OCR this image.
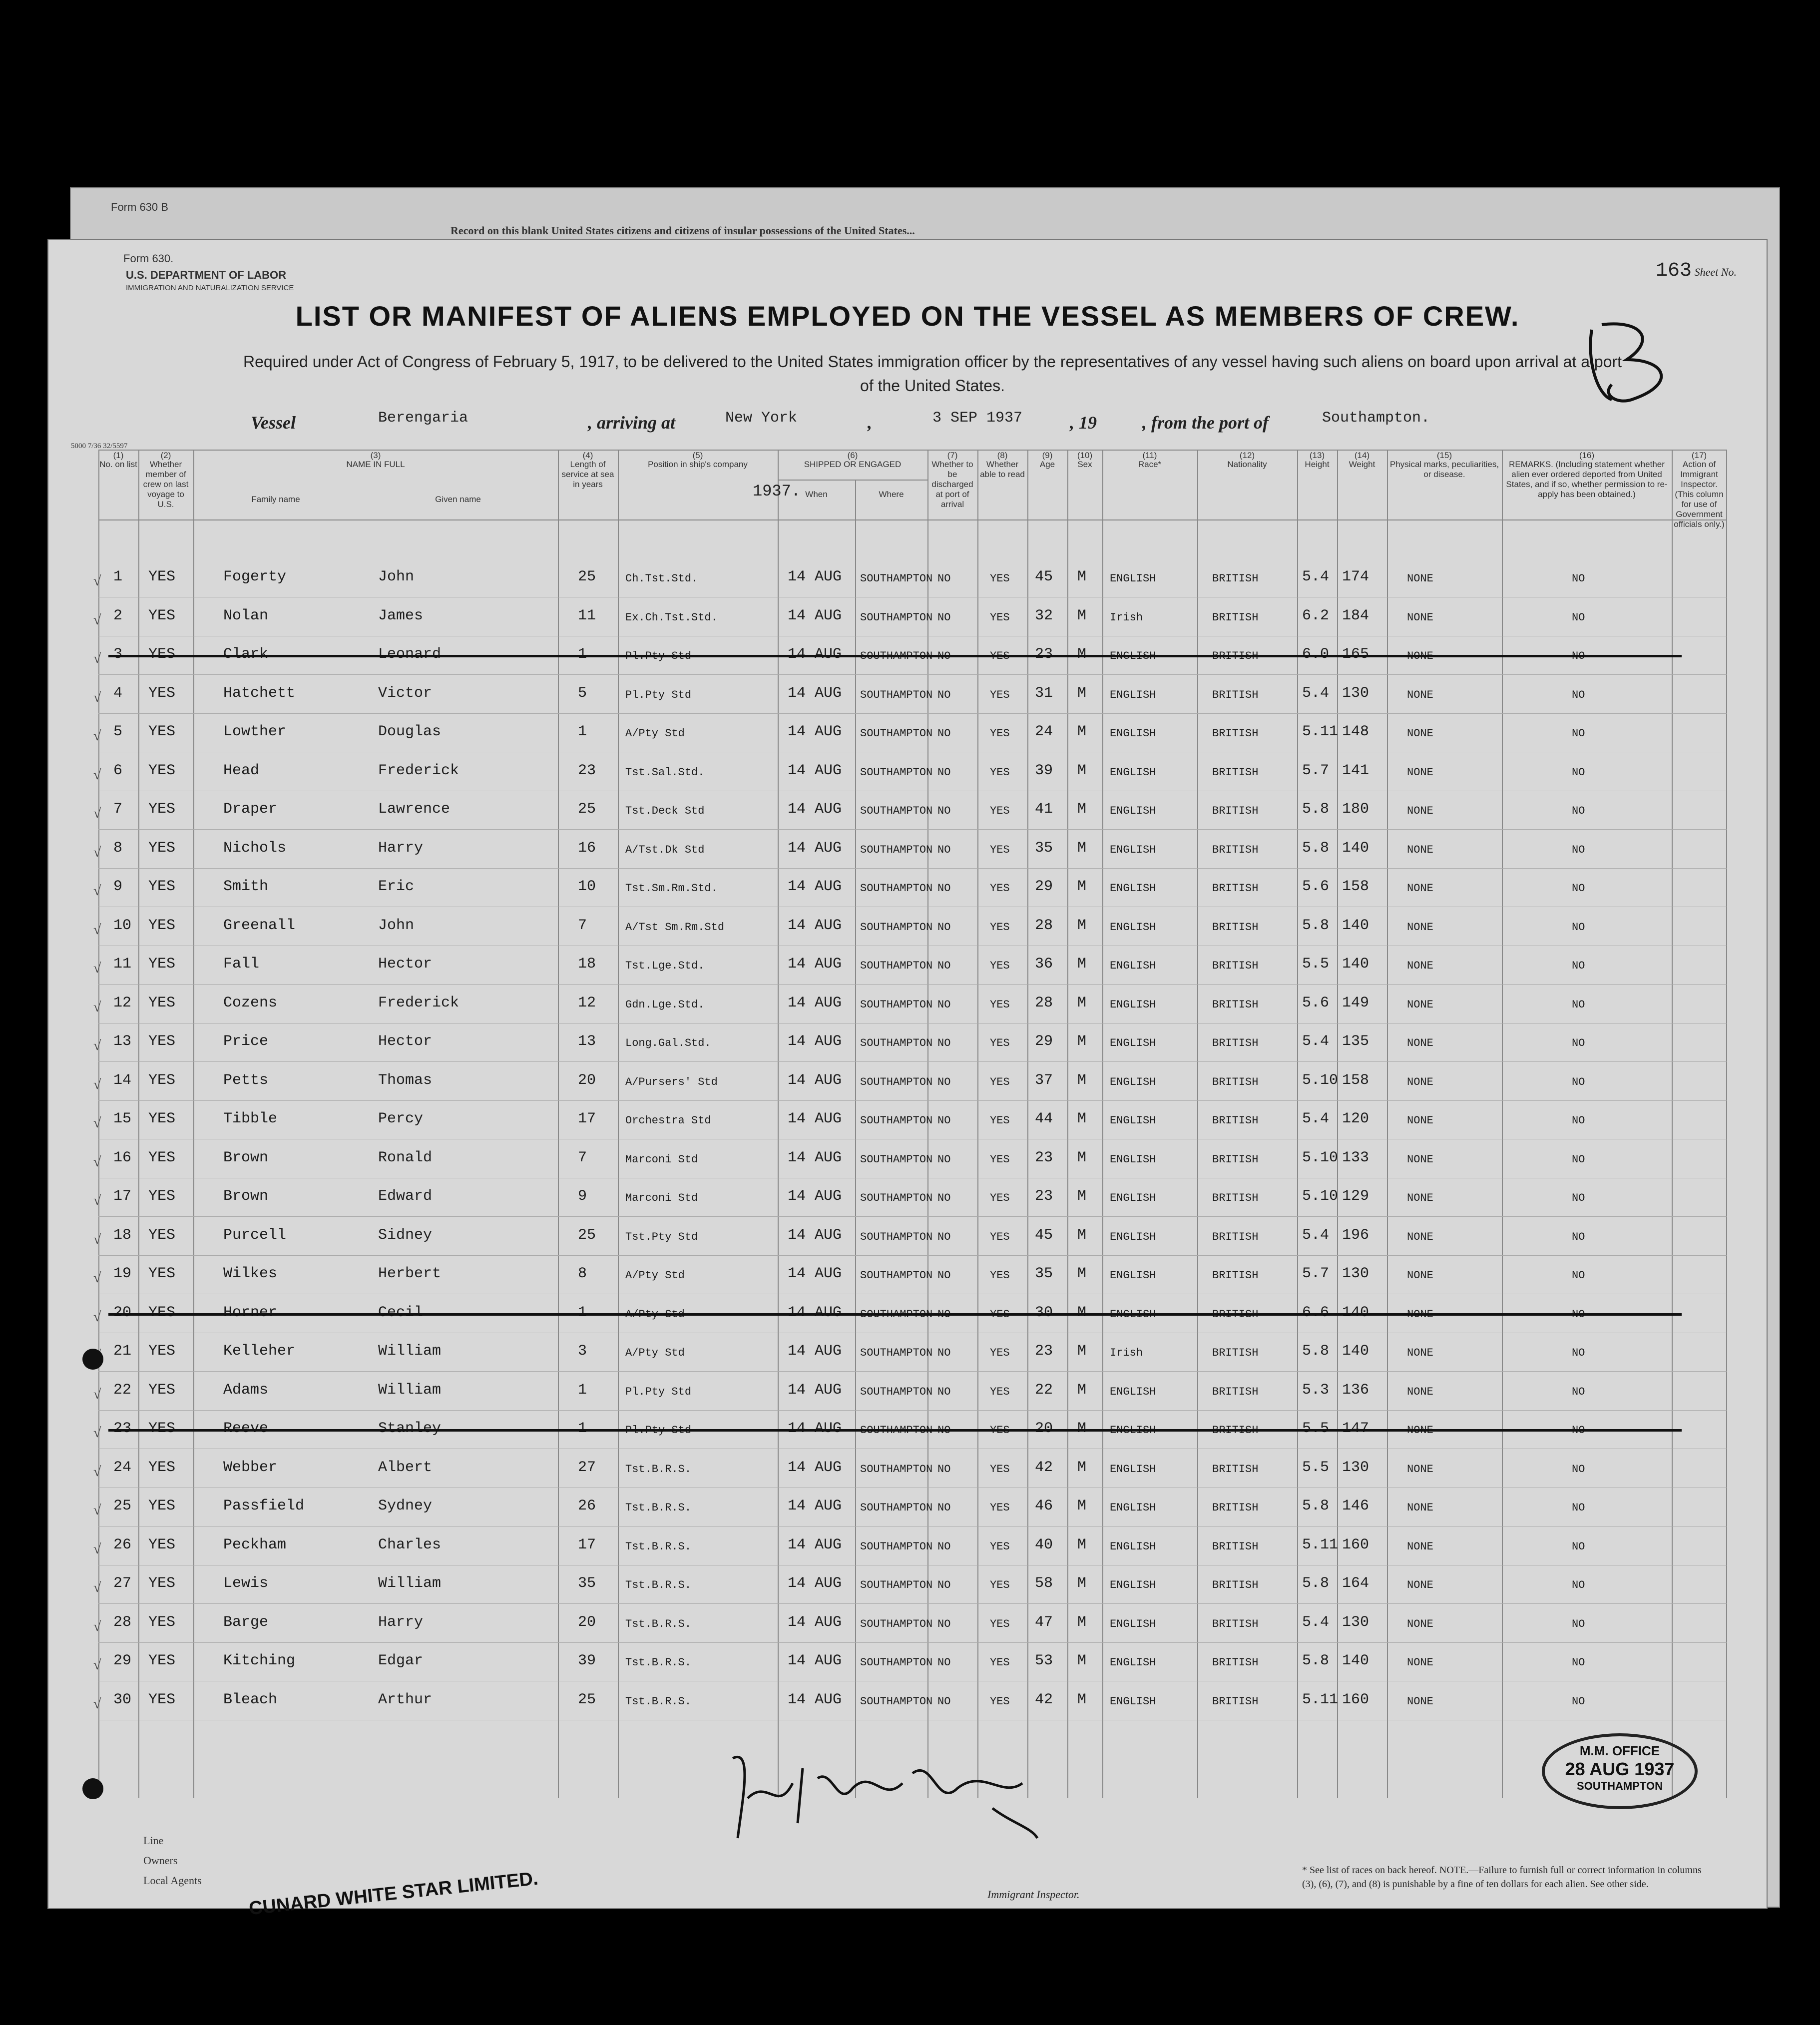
Form 630 B
Record on this blank United States citizens and citizens of insular possessions of the United States...
Form 630.
U.S. DEPARTMENT OF LABOR
IMMIGRATION AND NATURALIZATION SERVICE
163 Sheet No.
LIST OR MANIFEST OF ALIENS EMPLOYED ON THE VESSEL AS MEMBERS OF CREW.
Required under Act of Congress of February 5, 1917, to be delivered to the United States immigration officer by the representatives of any vessel having such aliens on board upon arrival at a port of the United States.
Vessel	Berengaria	, arriving at	New York	,	3 SEP 1937	, 19	, from the port of	Southampton.
5000 7/36 32/5597
No. on list
(1)
Whether member of crew on last voyage to U.S.
(2)
NAME IN FULL
(3)
Family name	Given name
Length of service at sea in years
(4)
Position in ship's company
(5)
SHIPPED OR ENGAGED
(6)
When	Where
Whether to be discharged at port of arrival
(7)
Whether able to read
(8)
Age
(9)
Sex
(10)
Race*
(11)
Nationality
(12)
Height
(13)
Weight
(14)
Physical marks, peculiarities, or disease.
(15)
REMARKS. (Including statement whether alien ever ordered deported from United States, and if so, whether permission to re-apply has been obtained.)
(16)
Action of Immigrant Inspector. (This column for use of Government officials only.)
(17)
√ 1 YES	Fogerty	John	25	Ch.Tst.Std.	14 AUG SOUTHAMPTON NO	YES 45 M ENGLISH	BRITISH	5.4 174	NONE	NO
√ 2 YES	Nolan	James	11	Ex.Ch.Tst.Std.	14 AUG SOUTHAMPTON NO	YES 32 M Irish	BRITISH	6.2 184	NONE	NO
√ 3 YES	Clark	Leonard	1	Pl.Pty Std	14 AUG SOUTHAMPTON NO	YES 23 M ENGLISH	BRITISH	6.0 165	NONE	NO
√ 4 YES	Hatchett	Victor	5	Pl.Pty Std	14 AUG SOUTHAMPTON NO	YES 31 M ENGLISH	BRITISH	5.4 130	NONE	NO
√ 5 YES	Lowther	Douglas	1	A/Pty Std	14 AUG SOUTHAMPTON NO	YES 24 M ENGLISH	BRITISH	5.11 148	NONE	NO
√ 6 YES	Head	Frederick	23	Tst.Sal.Std.	14 AUG SOUTHAMPTON NO	YES 39 M ENGLISH	BRITISH	5.7 141	NONE	NO
√ 7 YES	Draper	Lawrence	25	Tst.Deck Std	14 AUG SOUTHAMPTON NO	YES 41 M ENGLISH	BRITISH	5.8 180	NONE	NO
√ 8 YES	Nichols	Harry	16	A/Tst.Dk Std	14 AUG SOUTHAMPTON NO	YES 35 M ENGLISH	BRITISH	5.8 140	NONE	NO
√ 9 YES	Smith	Eric	10	Tst.Sm.Rm.Std.	14 AUG SOUTHAMPTON NO	YES 29 M ENGLISH	BRITISH	5.6 158	NONE	NO
√ 10 YES	Greenall	John	7	A/Tst Sm.Rm.Std	14 AUG SOUTHAMPTON NO	YES 28 M ENGLISH	BRITISH	5.8 140	NONE	NO
√ 11 YES	Fall	Hector	18	Tst.Lge.Std.	14 AUG SOUTHAMPTON NO	YES 36 M ENGLISH	BRITISH	5.5 140	NONE	NO
√ 12 YES	Cozens	Frederick	12	Gdn.Lge.Std.	14 AUG SOUTHAMPTON NO	YES 28 M ENGLISH	BRITISH	5.6 149	NONE	NO
√ 13 YES	Price	Hector	13	Long.Gal.Std.	14 AUG SOUTHAMPTON NO	YES 29 M ENGLISH	BRITISH	5.4 135	NONE	NO
√ 14 YES	Petts	Thomas	20	A/Pursers' Std	14 AUG SOUTHAMPTON NO	YES 37 M ENGLISH	BRITISH	5.10 158	NONE	NO
√ 15 YES	Tibble	Percy	17	Orchestra Std	14 AUG SOUTHAMPTON NO	YES 44 M ENGLISH	BRITISH	5.4 120	NONE	NO
√ 16 YES	Brown	Ronald	7	Marconi Std	14 AUG SOUTHAMPTON NO	YES 23 M ENGLISH	BRITISH	5.10 133	NONE	NO
√ 17 YES	Brown	Edward	9	Marconi Std	14 AUG SOUTHAMPTON NO	YES 23 M ENGLISH	BRITISH	5.10 129	NONE	NO
√ 18 YES	Purcell	Sidney	25	Tst.Pty Std	14 AUG SOUTHAMPTON NO	YES 45 M ENGLISH	BRITISH	5.4 196	NONE	NO
√ 19 YES	Wilkes	Herbert	8	A/Pty Std	14 AUG SOUTHAMPTON NO	YES 35 M ENGLISH	BRITISH	5.7 130	NONE	NO
√ 20 YES	Horner	Cecil	1	A/Pty Std	14 AUG SOUTHAMPTON NO	YES 30 M ENGLISH	BRITISH	6.6 140	NONE	NO
21 YES	Kelleher	William	3	A/Pty Std	14 AUG SOUTHAMPTON NO	YES 23 M Irish	BRITISH	5.8 140	NONE	NO
√ 22 YES	Adams	William	1	Pl.Pty Std	14 AUG SOUTHAMPTON NO	YES 22 M ENGLISH	BRITISH	5.3 136	NONE	NO
√ 23 YES	Reeve	Stanley	1	Pl.Pty Std	14 AUG SOUTHAMPTON NO	YES 20 M ENGLISH	BRITISH	5.5 147	NONE	NO
√ 24 YES	Webber	Albert	27	Tst.B.R.S.	14 AUG SOUTHAMPTON NO	YES 42 M ENGLISH	BRITISH	5.5 130	NONE	NO
√ 25 YES	Passfield	Sydney	26	Tst.B.R.S.	14 AUG SOUTHAMPTON NO	YES 46 M ENGLISH	BRITISH	5.8 146	NONE	NO
√ 26 YES	Peckham	Charles	17	Tst.B.R.S.	14 AUG SOUTHAMPTON NO	YES 40 M ENGLISH	BRITISH	5.11 160	NONE	NO
√ 27 YES	Lewis	William	35	Tst.B.R.S.	14 AUG SOUTHAMPTON NO	YES 58 M ENGLISH	BRITISH	5.8 164	NONE	NO
√ 28 YES	Barge	Harry	20	Tst.B.R.S.	14 AUG SOUTHAMPTON NO	YES 47 M ENGLISH	BRITISH	5.4 130	NONE	NO
√ 29 YES	Kitching	Edgar	39	Tst.B.R.S.	14 AUG SOUTHAMPTON NO	YES 53 M ENGLISH	BRITISH	5.8 140	NONE	NO
√ 30 YES	Bleach	Arthur	25	Tst.B.R.S.	14 AUG SOUTHAMPTON NO	YES 42 M ENGLISH	BRITISH	5.11 160	NONE	NO
1937.
M.M. OFFICE
28 AUG 1937
SOUTHAMPTON
Line
Owners
Local Agents CUNARD WHITE STAR LIMITED.	Immigrant Inspector.
* See list of races on back hereof. NOTE.—Failure to furnish full or correct information in columns (3), (6), (7), and (8) is punishable by a fine of ten dollars for each alien. See other side.
